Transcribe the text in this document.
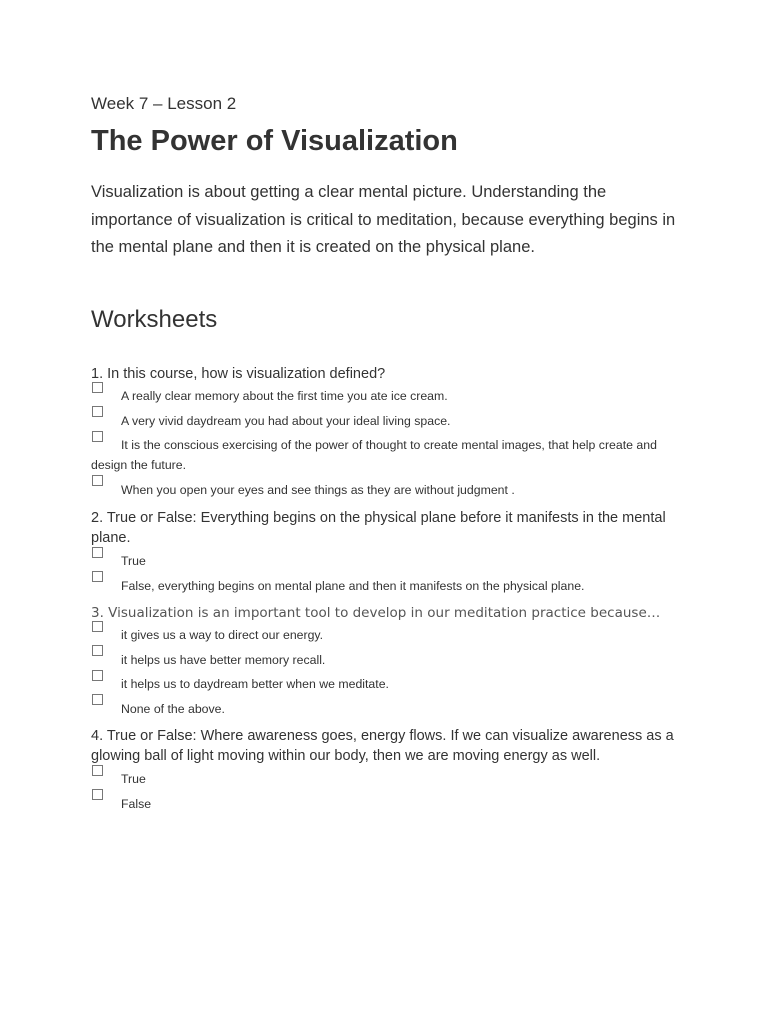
Week 7 – Lesson 2

The Power of Visualization

Visualization is about getting a clear mental picture. Understanding the importance of visualization is critical to meditation, because everything begins in the mental plane and then it is created on the physical plane.

Worksheets

1. In this course, how is visualization defined?

A really clear memory about the first time you ate ice cream.
A very vivid daydream you had about your ideal living space.
It is the conscious exercising of the power of thought to create mental images, that help create and design the future.
When you open your eyes and see things as they are without judgment .

2. True or False: Everything begins on the physical plane before it manifests in the mental plane.

True
False, everything begins on mental plane and then it manifests on the physical plane.

3. Visualization is an important tool to develop in our meditation practice because…

it gives us a way to direct our energy.
it helps us have better memory recall.
it helps us to daydream better when we meditate.
None of the above.

4. True or False: Where awareness goes, energy flows. If we can visualize awareness as a glowing ball of light moving within our body, then we are moving energy as well.

True
False
